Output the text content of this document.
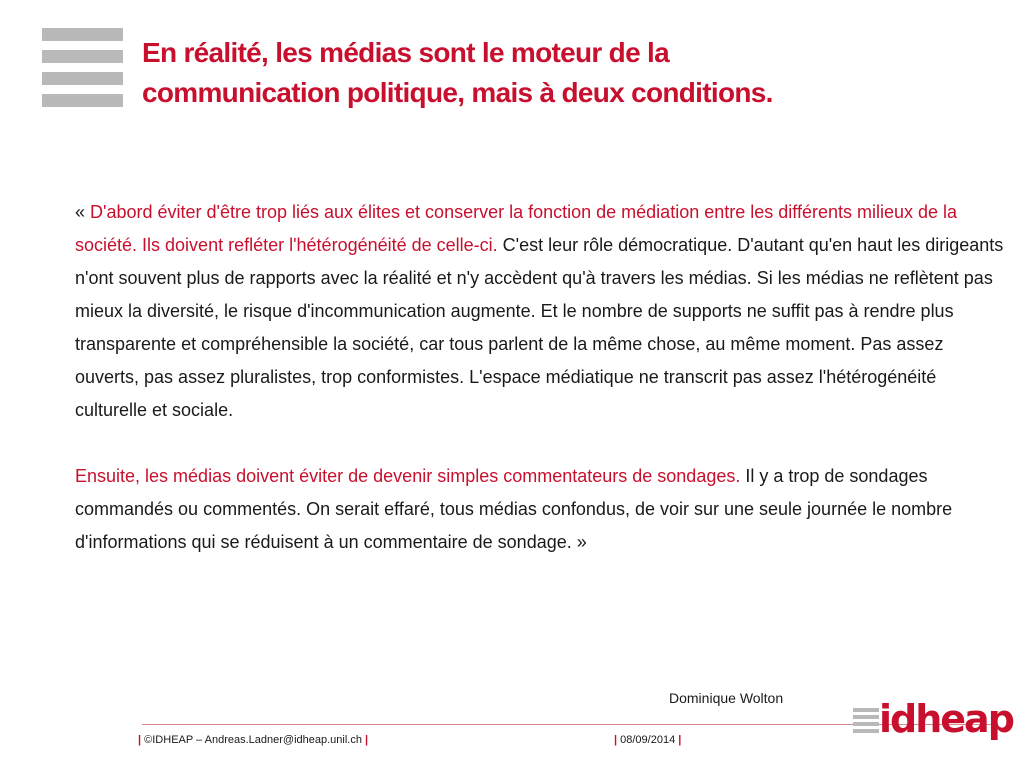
En réalité, les médias sont le moteur de la
communication politique, mais à deux conditions.

« D'abord éviter d'être trop liés aux élites et conserver la fonction de médiation entre les différents milieux de la société. Ils doivent refléter l'hétérogénéité de celle-ci. C'est leur rôle démocratique. D'autant qu'en haut les dirigeants n'ont souvent plus de rapports avec la réalité et n'y accèdent qu'à travers les médias. Si les médias ne reflètent pas mieux la diversité, le risque d'incommunication augmente. Et le nombre de supports ne suffit pas à rendre plus transparente et compréhensible la société, car tous parlent de la même chose, au même moment. Pas assez ouverts, pas assez pluralistes, trop conformistes. L'espace médiatique ne transcrit pas assez l'hétérogénéité culturelle et sociale.

Ensuite, les médias doivent éviter de devenir simples commentateurs de sondages. Il y a trop de sondages commandés ou commentés. On serait effaré, tous médias confondus, de voir sur une seule journée le nombre d'informations qui se réduisent à un commentaire de sondage. »

Dominique Wolton
| ©IDHEAP – Andreas.Ladner@idheap.unil.ch |	| 08/09/2014 |	idheap
